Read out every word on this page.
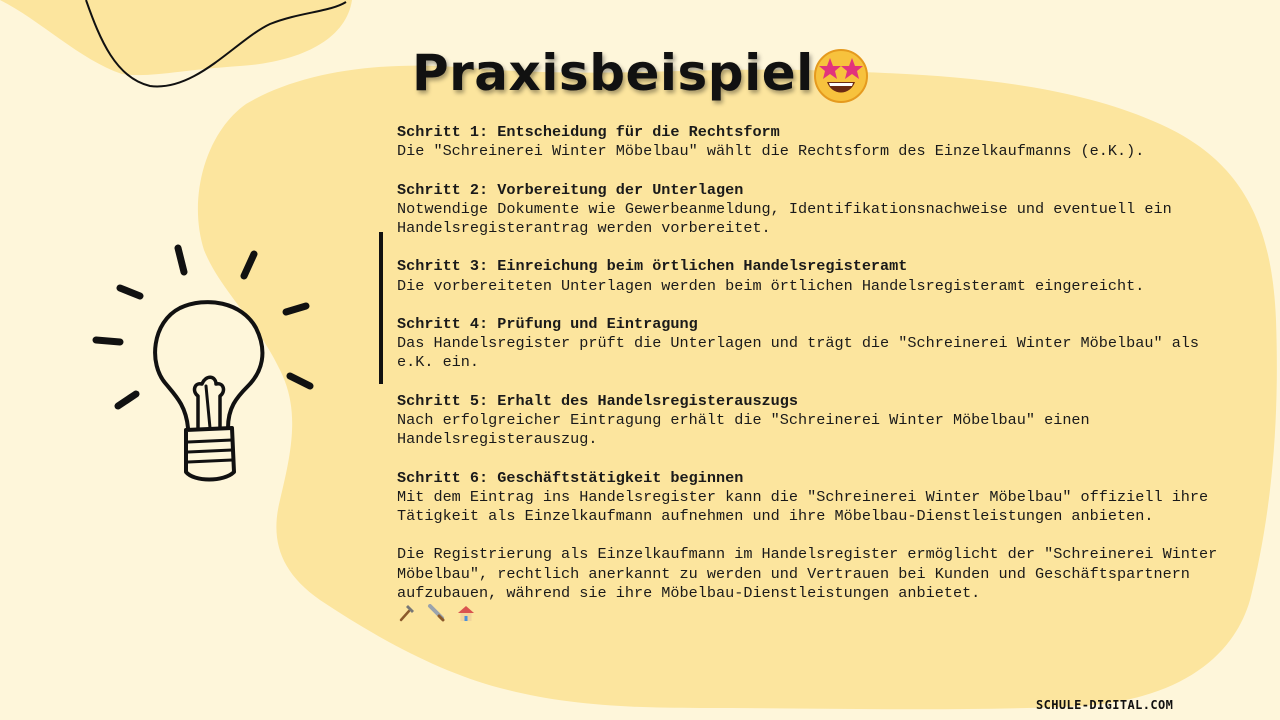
Praxisbeispiel
Schritt 1: Entscheidung für die Rechtsform
Die "Schreinerei Winter Möbelbau" wählt die Rechtsform des Einzelkaufmanns (e.K.).
Schritt 2: Vorbereitung der Unterlagen
Notwendige Dokumente wie Gewerbeanmeldung, Identifikationsnachweise und eventuell ein Handelsregisterantrag werden vorbereitet.
Schritt 3: Einreichung beim örtlichen Handelsregisteramt
Die vorbereiteten Unterlagen werden beim örtlichen Handelsregisteramt eingereicht.
Schritt 4: Prüfung und Eintragung
Das Handelsregister prüft die Unterlagen und trägt die "Schreinerei Winter Möbelbau" als e.K. ein.
Schritt 5: Erhalt des Handelsregisterauszugs
Nach erfolgreicher Eintragung erhält die "Schreinerei Winter Möbelbau" einen Handelsregisterauszug.
Schritt 6: Geschäftstätigkeit beginnen
Mit dem Eintrag ins Handelsregister kann die "Schreinerei Winter Möbelbau" offiziell ihre Tätigkeit als Einzelkaufmann aufnehmen und ihre Möbelbau-Dienstleistungen anbieten.
Die Registrierung als Einzelkaufmann im Handelsregister ermöglicht der "Schreinerei Winter Möbelbau", rechtlich anerkannt zu werden und Vertrauen bei Kunden und Geschäftspartnern aufzubauen, während sie ihre Möbelbau-Dienstleistungen anbietet.

SCHULE-DIGITAL.COM
